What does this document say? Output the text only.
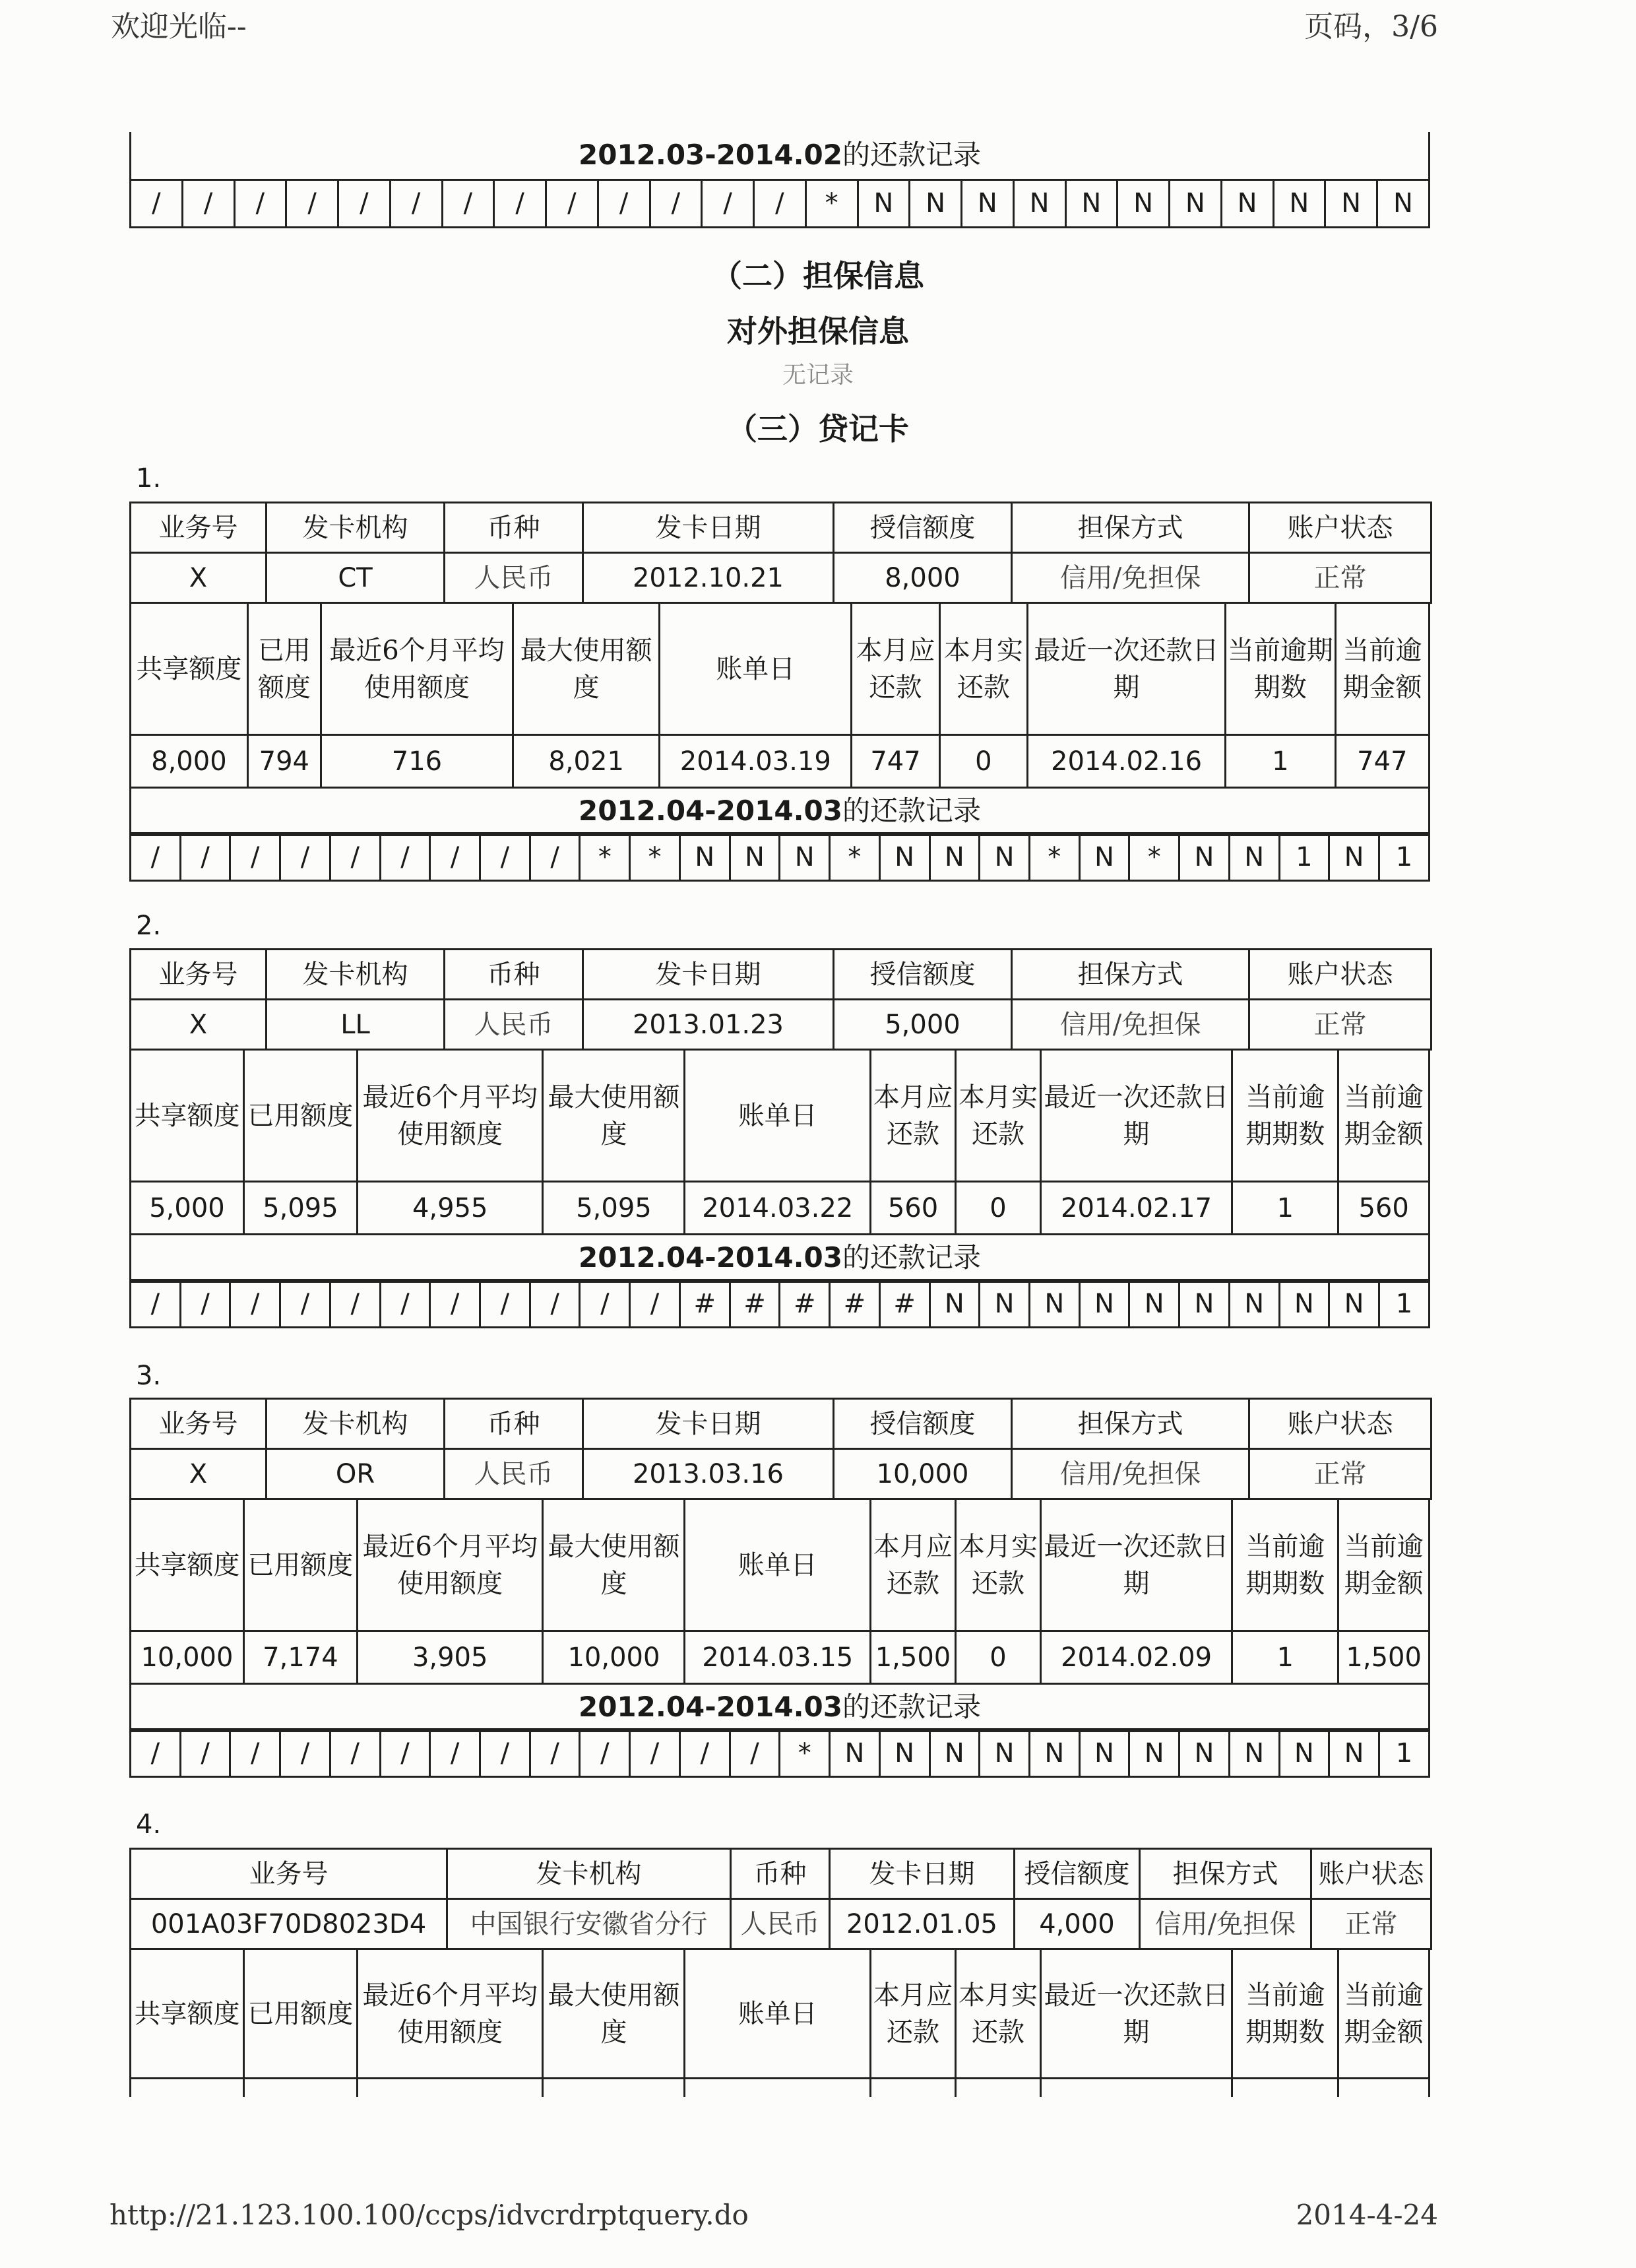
欢迎光临--	页码，3/6
http://21.123.100.100/ccps/idvcrdrptquery.do	2014-4-24
2012.03-2014.02的还款记录
/	/	/	/	/	/	/	/	/	/	/	/	/	*	N	N	N	N	N	N	N	N	N	N	N
（二）担保信息
对外担保信息
无记录
（三）贷记卡
1.
业务号	发卡机构	币种	发卡日期	授信额度	担保方式	账户状态
X	CT	人民币	2012.10.21	8,000	信用/免担保	正常
共享额度	已用额度	最近6个月平均使用额度	最大使用额度	账单日	本月应还款	本月实还款	最近一次还款日期	当前逾期期数	当前逾期金额
8,000	794	716	8,021	2014.03.19	747	0	2014.02.16	1	747
2012.04-2014.03的还款记录									
/	/	/	/	/	/	/	/	/	*	*	N	N	N	*	N	N	N	*	N	*	N	N	1	N	1
2.
业务号	发卡机构	币种	发卡日期	授信额度	担保方式	账户状态
X	LL	人民币	2013.01.23	5,000	信用/免担保	正常
共享额度	已用额度	最近6个月平均使用额度	最大使用额度	账单日	本月应还款	本月实还款	最近一次还款日期	当前逾期期数	当前逾期金额
5,000	5,095	4,955	5,095	2014.03.22	560	0	2014.02.17	1	560
2012.04-2014.03的还款记录									
/	/	/	/	/	/	/	/	/	/	/	#	#	#	#	#	N	N	N	N	N	N	N	N	N	1
3.
业务号	发卡机构	币种	发卡日期	授信额度	担保方式	账户状态
X	OR	人民币	2013.03.16	10,000	信用/免担保	正常
共享额度	已用额度	最近6个月平均使用额度	最大使用额度	账单日	本月应还款	本月实还款	最近一次还款日期	当前逾期期数	当前逾期金额
10,000	7,174	3,905	10,000	2014.03.15	1,500	0	2014.02.09	1	1,500
2012.04-2014.03的还款记录									
/	/	/	/	/	/	/	/	/	/	/	/	/	*	N	N	N	N	N	N	N	N	N	N	N	1
4.
业务号	发卡机构	币种	发卡日期	授信额度	担保方式	账户状态
001A03F70D8023D4	中国银行安徽省分行	人民币	2012.01.05	4,000	信用/免担保	正常
共享额度	已用额度	最近6个月平均使用额度	最大使用额度	账单日	本月应还款	本月实还款	最近一次还款日期	当前逾期期数	当前逾期金额
